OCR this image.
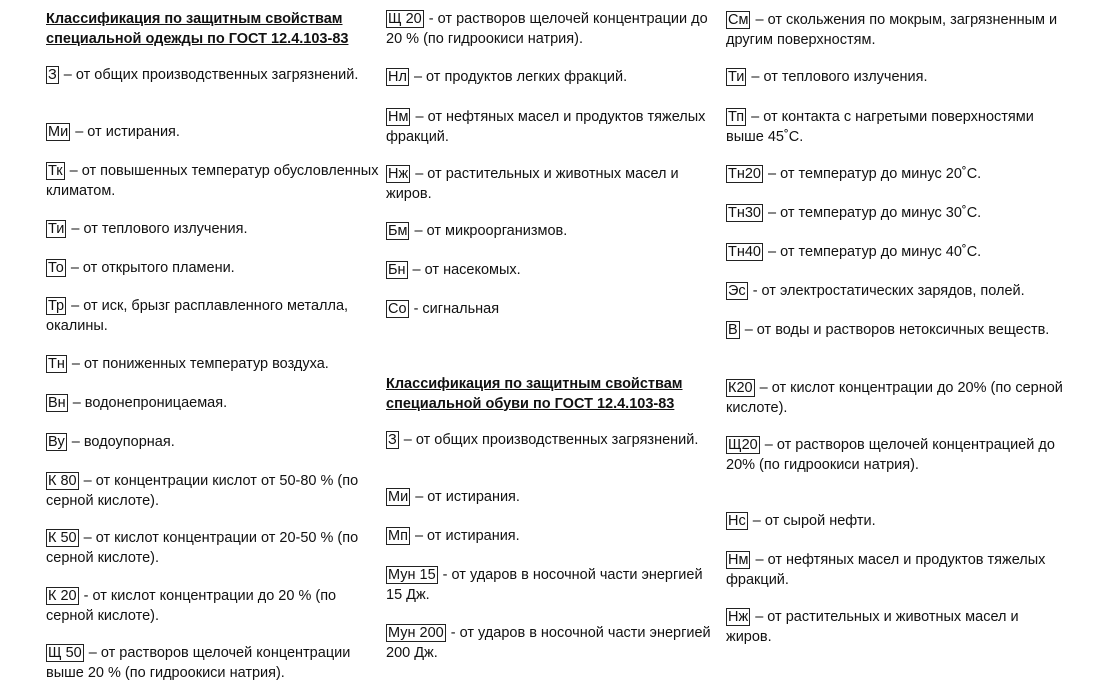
Классификация по защитным свойствам специальной одежды по ГОСТ 12.4.103-83
З – от общих производственных загрязнений.
Ми – от истирания.
Тк – от повышенных температур обусловленных климатом.
Ти – от теплового излучения.
То – от открытого пламени.
Тр – от иск, брызг расплавленного металла, окалины.
Тн – от пониженных температур воздуха.
Вн – водонепроницаемая.
Ву – водоупорная.
К 80 – от концентрации кислот от 50-80 % (по серной кислоте).
К 50 – от кислот концентрации от 20-50 % (по серной кислоте).
К 20 - от кислот концентрации до 20 % (по серной кислоте).
Щ 50 – от растворов щелочей концентрации выше 20 % (по гидроокиси натрия).
Щ 20 - от растворов щелочей концентрации до 20 % (по гидроокиси натрия).
Нл – от продуктов легких фракций.
Нм – от нефтяных масел и продуктов тяжелых фракций.
Нж – от растительных и животных масел и жиров.
Бм – от микроорганизмов.
Бн – от насекомых.
Со - сигнальная
Классификация по защитным свойствам специальной обуви по ГОСТ 12.4.103-83
З – от общих производственных загрязнений.
Ми – от истирания.
Мп – от истирания.
Мун 15 - от ударов в носочной части энергией 15 Дж.
Мун 200 - от ударов в носочной части энергией 200 Дж.
См – от скольжения по мокрым, загрязненным и другим поверхностям.
Ти – от теплового излучения.
Тп – от контакта с нагретыми поверхностями выше 45˚С.
Тн20 – от температур до минус 20˚С.
Тн30 – от температур до минус 30˚С.
Тн40 – от температур до минус 40˚С.
Эс - от электростатических зарядов, полей.
В – от воды и растворов нетоксичных веществ.
К20 – от кислот концентрации до 20% (по серной кислоте).
Щ20 – от растворов щелочей концентрацией до 20% (по гидроокиси натрия).
Нс – от сырой нефти.
Нм – от нефтяных масел и продуктов тяжелых фракций.
Нж – от растительных и животных масел и жиров.
